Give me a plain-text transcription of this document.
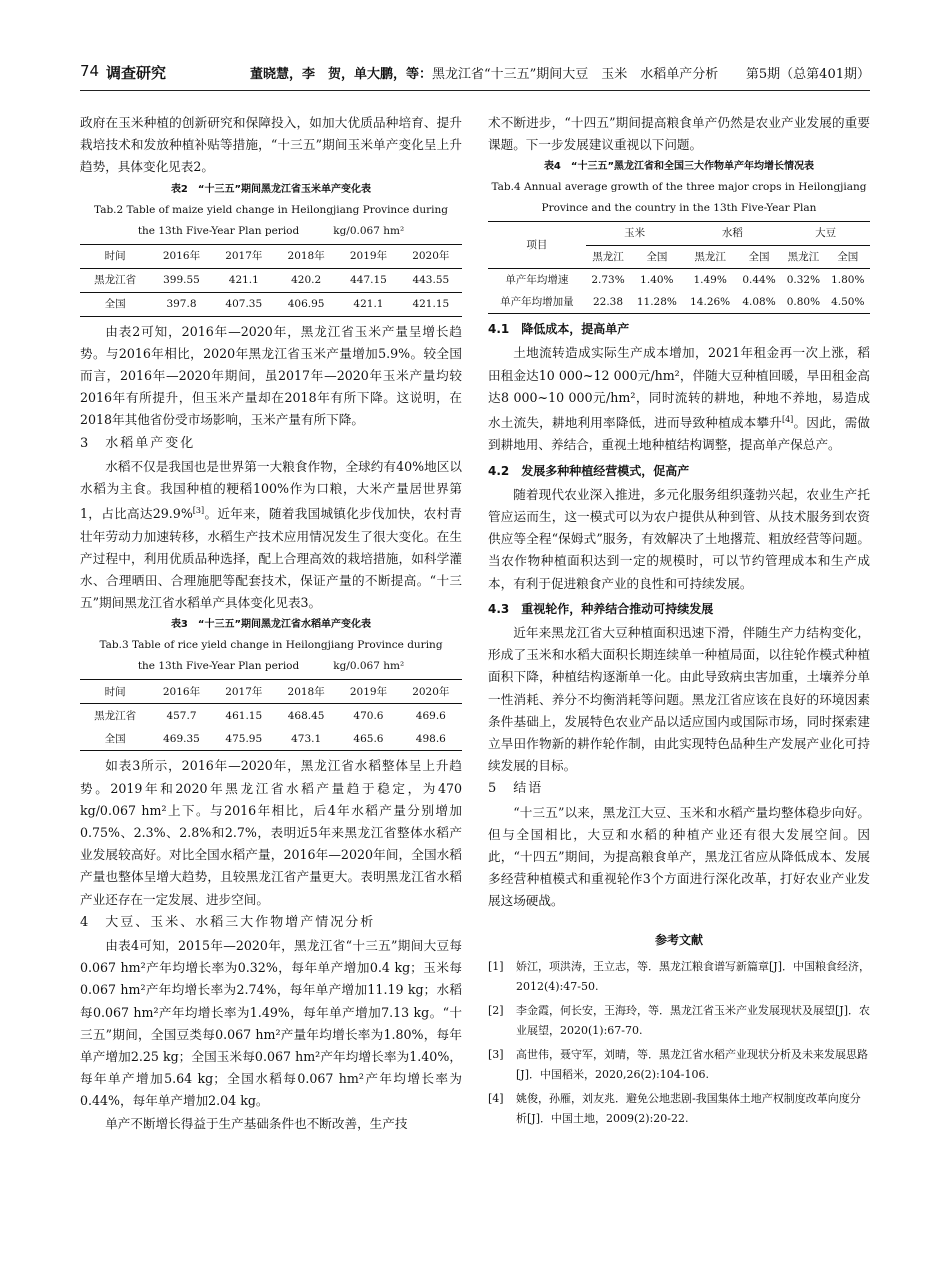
74 调查研究	董晓慧，李　贺，单大鹏，等：黑龙江省“十三五”期间大豆　玉米　水稻单产分析 第5期（总第401期）

政府在玉米种植的创新研究和保障投入，如加大优质品种培育、提升栽培技术和发放种植补贴等措施，“十三五”期间玉米单产变化呈上升趋势，具体变化见表2。

表2　“十三五”期间黑龙江省玉米单产变化表
Tab.2 Table of maize yield change in Heilongjiang Province during
the 13th Five-Year Plan period	kg/0.067 hm²
时间	2016年	2017年	2018年	2019年	2020年
黑龙江省	399.55	421.1	420.2	447.15	443.55
全国	397.8	407.35	406.95	421.1	421.15

由表2可知，2016年—2020年，黑龙江省玉米产量呈增长趋势。与2016年相比，2020年黑龙江省玉米产量增加5.9%。较全国而言，2016年—2020年期间，虽2017年—2020年玉米产量均较2016年有所提升，但玉米产量却在2018年有所下降。这说明，在2018年其他省份受市场影响，玉米产量有所下降。

3　水稻单产变化

水稻不仅是我国也是世界第一大粮食作物，全球约有40%地区以水稻为主食。我国种植的粳稻100%作为口粮，大米产量居世界第1，占比高达29.9%[3]。近年来，随着我国城镇化步伐加快，农村青壮年劳动力加速转移，水稻生产技术应用情况发生了很大变化。在生产过程中，利用优质品种选择，配上合理高效的栽培措施，如科学灌水、合理晒田、合理施肥等配套技术，保证产量的不断提高。“十三五”期间黑龙江省水稻单产具体变化见表3。

表3　“十三五”期间黑龙江省水稻单产变化表
Tab.3 Table of rice yield change in Heilongjiang Province during
the 13th Five-Year Plan period	kg/0.067 hm²
时间	2016年	2017年	2018年	2019年	2020年
黑龙江省	457.7	461.15	468.45	470.6	469.6
全国	469.35	475.95	473.1	465.6	498.6

如表3所示，2016年—2020年，黑龙江省水稻整体呈上升趋势。2019年和2020年黑龙江省水稻产量趋于稳定，为470 kg/0.067 hm²上下。与2016年相比，后4年水稻产量分别增加0.75%、2.3%、2.8%和2.7%，表明近5年来黑龙江省整体水稻产业发展较高好。对比全国水稻产量，2016年—2020年间，全国水稻产量也整体呈增大趋势，且较黑龙江省产量更大。表明黑龙江省水稻产业还存在一定发展、进步空间。

4　大豆、玉米、水稻三大作物增产情况分析

由表4可知，2015年—2020年，黑龙江省“十三五”期间大豆每0.067 hm²产年均增长率为0.32%，每年单产增加0.4 kg；玉米每0.067 hm²产年均增长率为2.74%，每年单产增加11.19 kg；水稻每0.067 hm²产年均增长率为1.49%，每年单产增加7.13 kg。“十三五”期间，全国豆类每0.067 hm²产量年均增长率为1.80%，每年单产增加2.25 kg；全国玉米每0.067 hm²产年均增长率为1.40%，每年单产增加5.64 kg；全国水稻每0.067 hm²产年均增长率为0.44%，每年单产增加2.04 kg。

单产不断增长得益于生产基础条件也不断改善，生产技

术不断进步，“十四五”期间提高粮食单产仍然是农业产业发展的重要课题。下一步发展建议重视以下问题。

表4　“十三五”黑龙江省和全国三大作物单产年均增长情况表
Tab.4 Annual average growth of the three major crops in Heilongjiang
Province and the country in the 13th Five-Year Plan
项目	玉米		水稻		大豆	
	黑龙江	全国	黑龙江	全国	黑龙江	全国
单产年均增速	2.73%	1.40%	1.49%	0.44%	0.32%	1.80%
单产年均增加量	22.38	11.28%	14.26%	4.08%	0.80%	4.50%
4.1　降低成本，提高单产

土地流转造成实际生产成本增加，2021年租金再一次上涨，稻田租金达10 000~12 000元/hm²，伴随大豆种植回暖，旱田租金高达8 000~10 000元/hm²，同时流转的耕地，种地不养地，易造成水土流失，耕地利用率降低，进而导致种植成本攀升[4]。因此，需做到耕地用、养结合，重视土地种植结构调整，提高单产保总产。

4.2　发展多种种植经营模式，促高产

随着现代农业深入推进，多元化服务组织蓬勃兴起，农业生产托管应运而生，这一模式可以为农户提供从种到管、从技术服务到农资供应等全程“保姆式”服务，有效解决了土地撂荒、粗放经营等问题。当农作物种植面积达到一定的规模时，可以节约管理成本和生产成本，有利于促进粮食产业的良性和可持续发展。

4.3　重视轮作，种养结合推动可持续发展

近年来黑龙江省大豆种植面积迅速下滑，伴随生产力结构变化，形成了玉米和水稻大面积长期连续单一种植局面，以往轮作模式种植面积下降，种植结构逐渐单一化。由此导致病虫害加重，土壤养分单一性消耗、养分不均衡消耗等问题。黑龙江省应该在良好的环境因素条件基础上，发展特色农业产品以适应国内或国际市场，同时探索建立旱田作物新的耕作轮作制，由此实现特色品种生产发展产业化可持续发展的目标。

5　结语

“十三五”以来，黑龙江大豆、玉米和水稻产量均整体稳步向好。但与全国相比，大豆和水稻的种植产业还有很大发展空间。因此，“十四五”期间，为提高粮食单产，黑龙江省应从降低成本、发展多经营种植模式和重视轮作3个方面进行深化改革，打好农业产业发展这场硬战。

参考文献
[1]	娇江，项洪涛，王立志，等．黑龙江粮食谱写新篇章[J]．中国粮食经济，2012(4):47-50.
[2]	李金霞，何长安，王海玲，等．黑龙江省玉米产业发展现状及展望[J]．农业展望，2020(1):67-70.
[3]	高世伟，聂守军，刘晴，等．黑龙江省水稻产业现状分析及未来发展思路[J]．中国稻米，2020,26(2):104-106.
[4]	姚俊，孙雁，刘友兆．避免公地悲剧-我国集体土地产权制度改革向度分析[J]．中国土地，2009(2):20-22.
